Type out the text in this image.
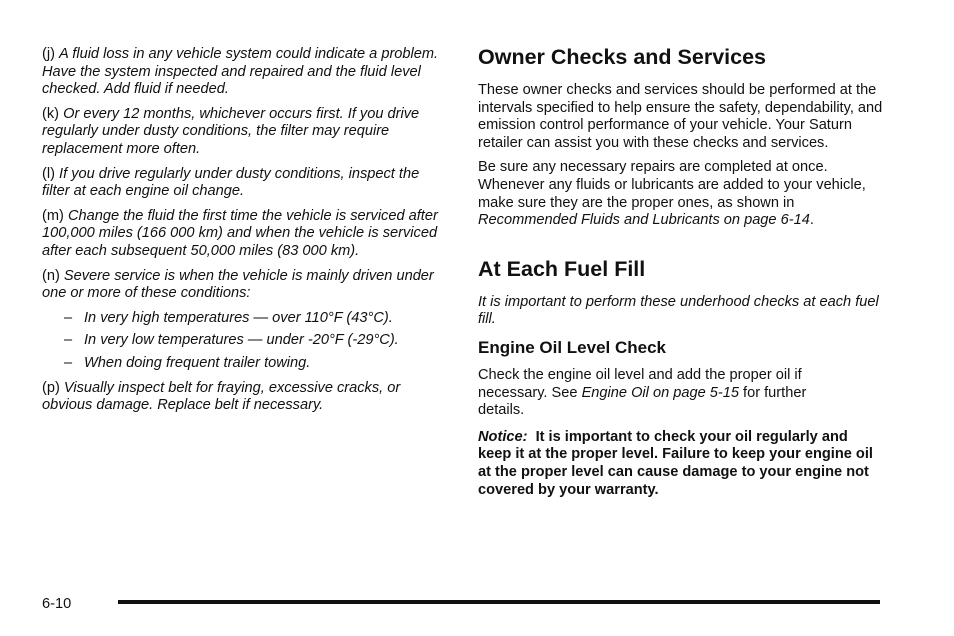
(j) A fluid loss in any vehicle system could indicate a problem. Have the system inspected and repaired and the fluid level checked. Add fluid if needed.

(k) Or every 12 months, whichever occurs first. If you drive regularly under dusty conditions, the filter may require replacement more often.

(l) If you drive regularly under dusty conditions, inspect the filter at each engine oil change.

(m) Change the fluid the first time the vehicle is serviced after 100,000 miles (166 000 km) and when the vehicle is serviced after each subsequent 50,000 miles (83 000 km).

(n) Severe service is when the vehicle is mainly driven under one or more of these conditions:

– In very high temperatures — over 110°F (43°C).
– In very low temperatures — under -20°F (-29°C).
– When doing frequent trailer towing.

(p) Visually inspect belt for fraying, excessive cracks, or obvious damage. Replace belt if necessary.

Owner Checks and Services

These owner checks and services should be performed at the intervals specified to help ensure the safety, dependability, and emission control performance of your vehicle. Your Saturn retailer can assist you with these checks and services.

Be sure any necessary repairs are completed at once. Whenever any fluids or lubricants are added to your vehicle, make sure they are the proper ones, as shown in Recommended Fluids and Lubricants on page 6-14.

At Each Fuel Fill

It is important to perform these underhood checks at each fuel fill.

Engine Oil Level Check

Check the engine oil level and add the proper oil if necessary. See Engine Oil on page 5-15 for further details.

Notice: It is important to check your oil regularly and keep it at the proper level. Failure to keep your engine oil at the proper level can cause damage to your engine not covered by your warranty.

6-10
